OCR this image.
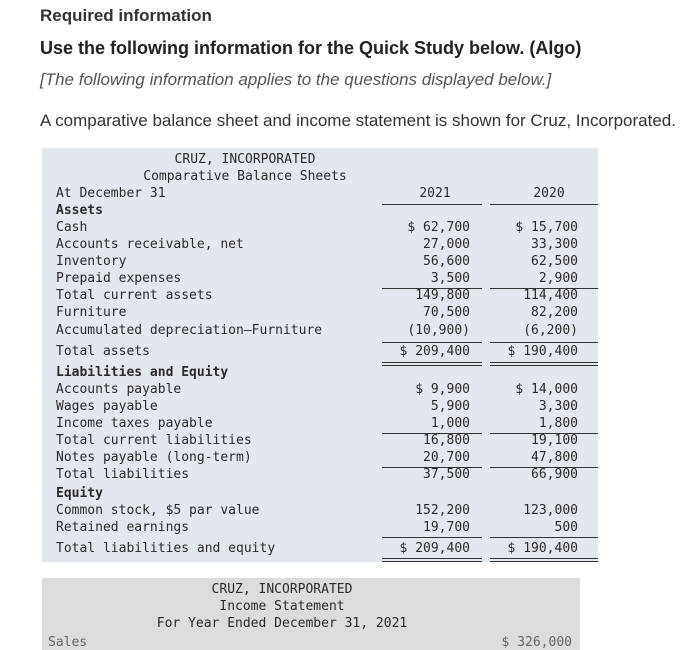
Required information
Use the following information for the Quick Study below. (Algo)
[The following information applies to the questions displayed below.]
A comparative balance sheet and income statement is shown for Cruz, Incorporated.
CRUZ, INCORPORATED
Comparative Balance Sheets
At December 31	2021	2020
Assets
Cash	$ 62,700	$ 15,700
Accounts receivable, net	27,000	33,300
Inventory	56,600	62,500
Prepaid expenses	3,500	2,900
Total current assets	149,800	114,400
Furniture	70,500	82,200
Accumulated depreciation—Furniture	(10,900)	(6,200)
Total assets	$ 209,400	$ 190,400
Liabilities and Equity
Accounts payable	$ 9,900	$ 14,000
Wages payable	5,900	3,300
Income taxes payable	1,000	1,800
Total current liabilities	16,800	19,100
Notes payable (long-term)	20,700	47,800
Total liabilities	37,500	66,900
Equity
Common stock, $5 par value	152,200	123,000
Retained earnings	19,700	500
Total liabilities and equity	$ 209,400	$ 190,400
CRUZ, INCORPORATED
Income Statement
For Year Ended December 31, 2021
Sales	$ 326,000
